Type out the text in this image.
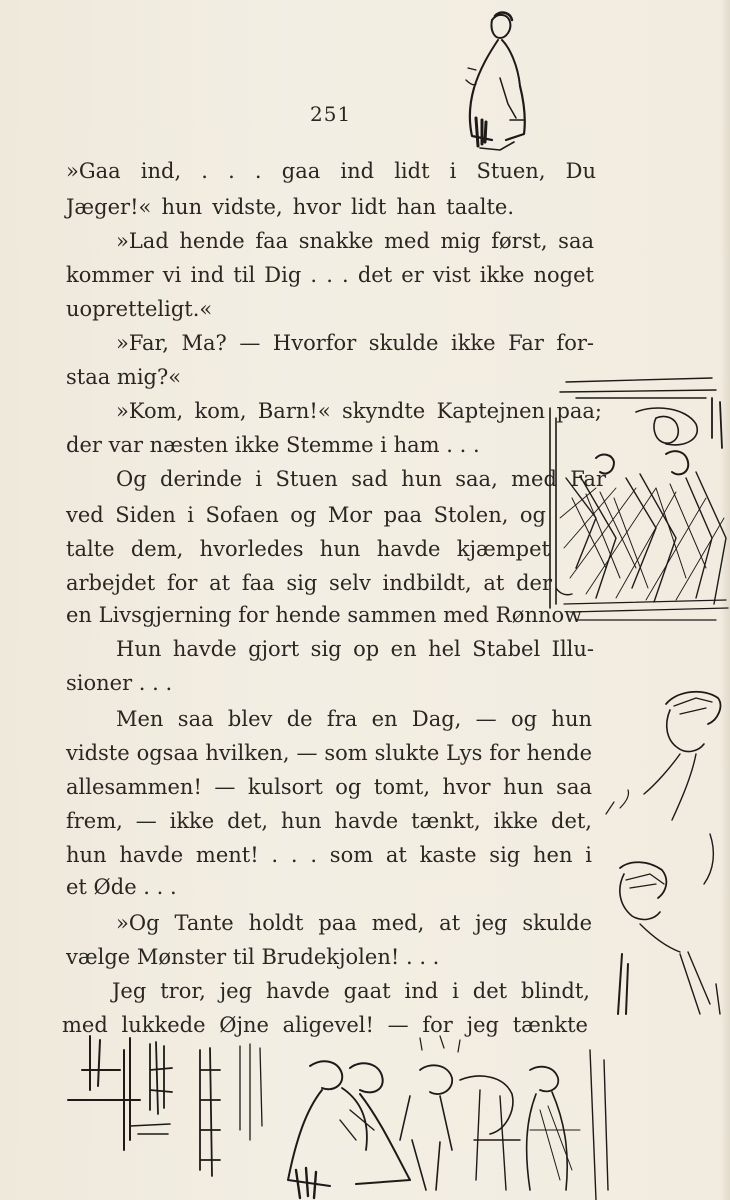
251
»Gaa ind, . . . gaa ind lidt i Stuen, Du
Jæger!« hun vidste, hvor lidt han taalte.
»Lad hende faa snakke med mig først, saa
kommer vi ind til Dig . . . det er vist ikke noget
uopretteligt.«
»Far, Ma? — Hvorfor skulde ikke Far for-
staa mig?«
»Kom, kom, Barn!« skyndte Kaptejnen paa;
der var næsten ikke Stemme i ham . . .
Og derinde i Stuen sad hun saa, med Far
ved Siden i Sofaen og Mor paa Stolen, og
talte dem, hvorledes hun havde kjæmpet
arbejdet for at faa sig selv indbildt, at der
en Livsgjerning for hende sammen med Rønnow
Hun havde gjort sig op en hel Stabel Illu-
sioner . . .
Men saa blev de fra en Dag, — og hun
vidste ogsaa hvilken, — som slukte Lys for hende
allesammen! — kulsort og tomt, hvor hun saa
frem, — ikke det, hun havde tænkt, ikke det,
hun havde ment! . . . som at kaste sig hen i
et Øde . . .
»Og Tante holdt paa med, at jeg skulde
vælge Mønster til Brudekjolen! . . .
Jeg tror, jeg havde gaat ind i det blindt,
med lukkede Øjne aligevel! — for jeg tænkte
